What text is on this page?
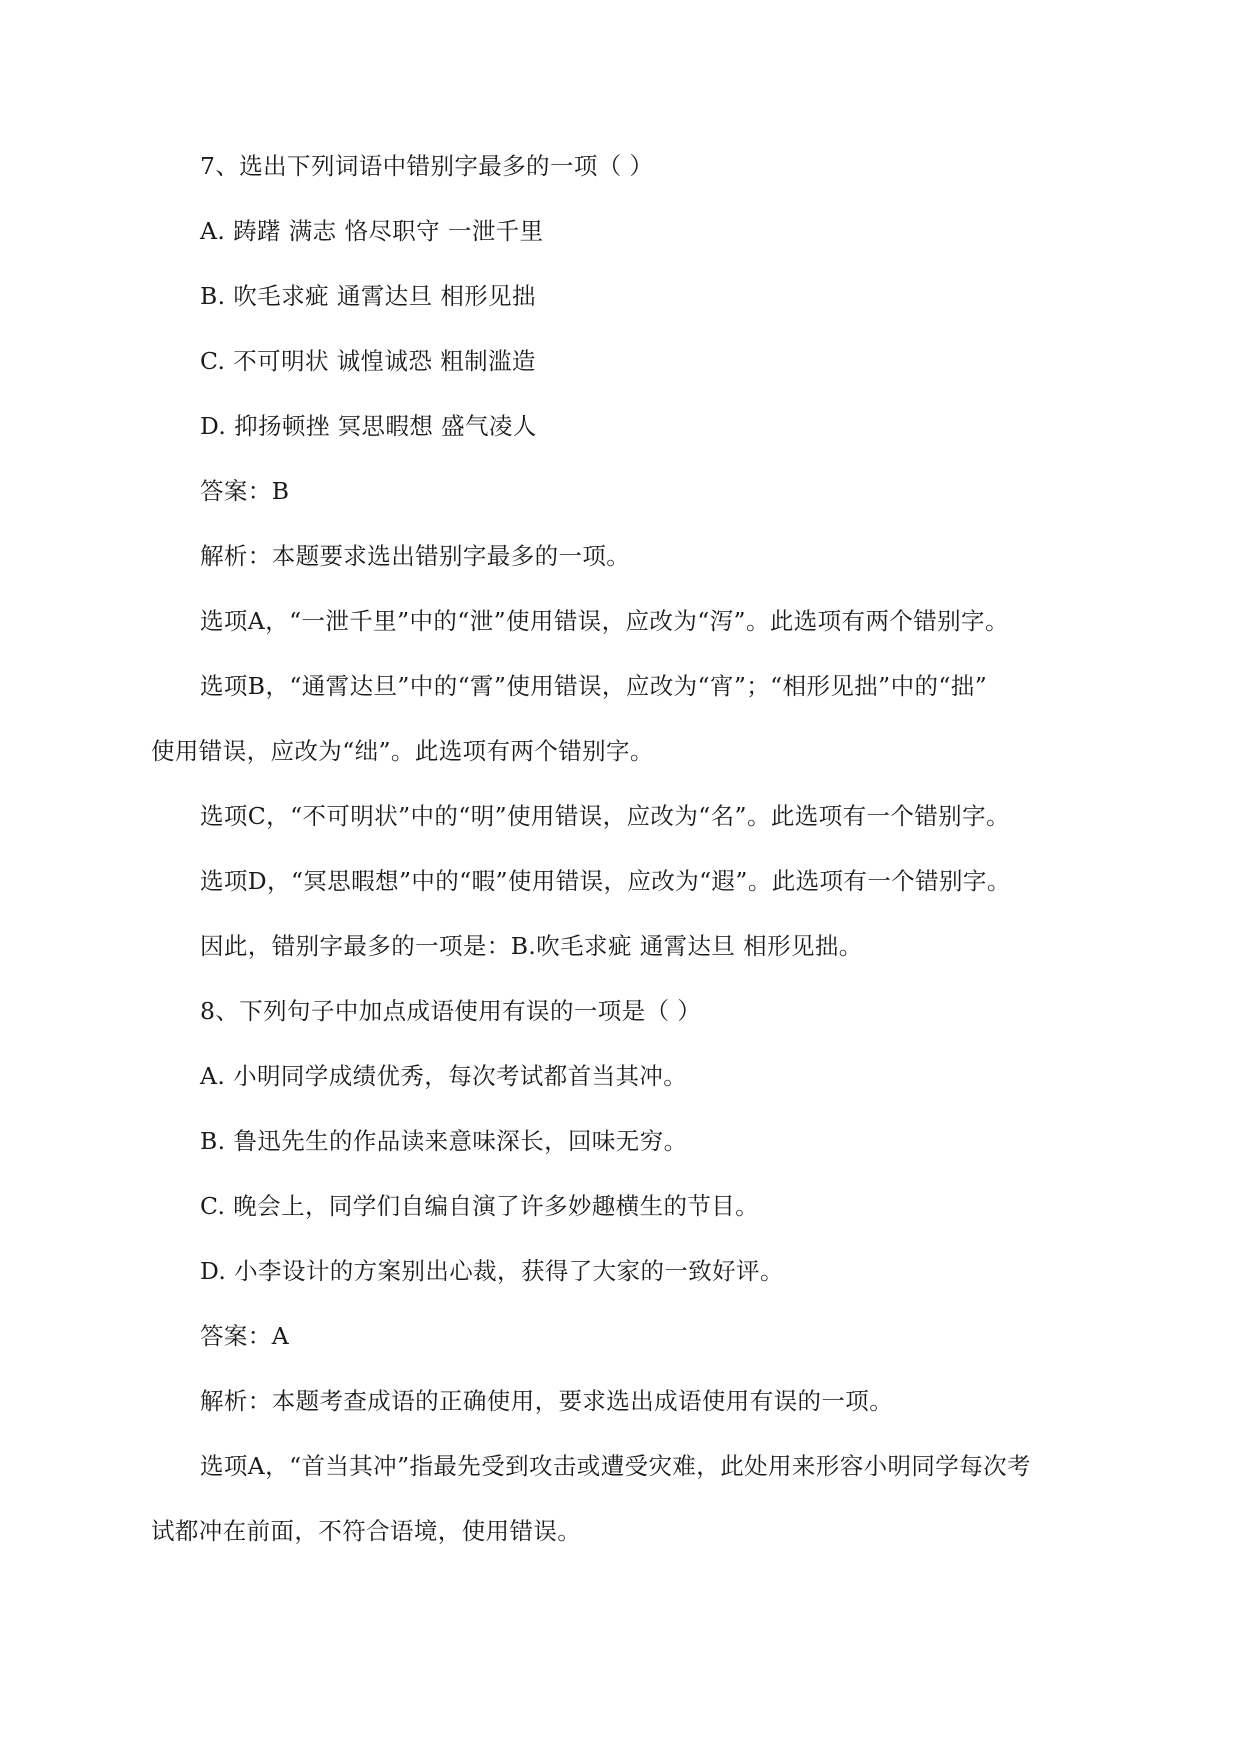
7、选出下列词语中错别字最多的一项（ ）
A. 踌躇 满志 恪尽职守 一泄千里
B. 吹毛求疵 通霄达旦 相形见拙
C. 不可明状 诚惶诚恐 粗制滥造
D. 抑扬顿挫 冥思暇想 盛气凌人
答案：B
解析：本题要求选出错别字最多的一项。
选项A，“一泄千里”中的“泄”使用错误，应改为“泻”。此选项有两个错别字。
选项B，“通霄达旦”中的“霄”使用错误，应改为“宵”；“相形见拙”中的“拙”
使用错误，应改为“绌”。此选项有两个错别字。
选项C，“不可明状”中的“明”使用错误，应改为“名”。此选项有一个错别字。
选项D，“冥思暇想”中的“暇”使用错误，应改为“遐”。此选项有一个错别字。
因此，错别字最多的一项是：B.吹毛求疵 通霄达旦 相形见拙。
8、下列句子中加点成语使用有误的一项是（ ）
A. 小明同学成绩优秀，每次考试都首当其冲。
B. 鲁迅先生的作品读来意味深长，回味无穷。
C. 晚会上，同学们自编自演了许多妙趣横生的节目。
D. 小李设计的方案别出心裁，获得了大家的一致好评。
答案：A
解析：本题考查成语的正确使用，要求选出成语使用有误的一项。
选项A，“首当其冲”指最先受到攻击或遭受灾难，此处用来形容小明同学每次考
试都冲在前面，不符合语境，使用错误。
